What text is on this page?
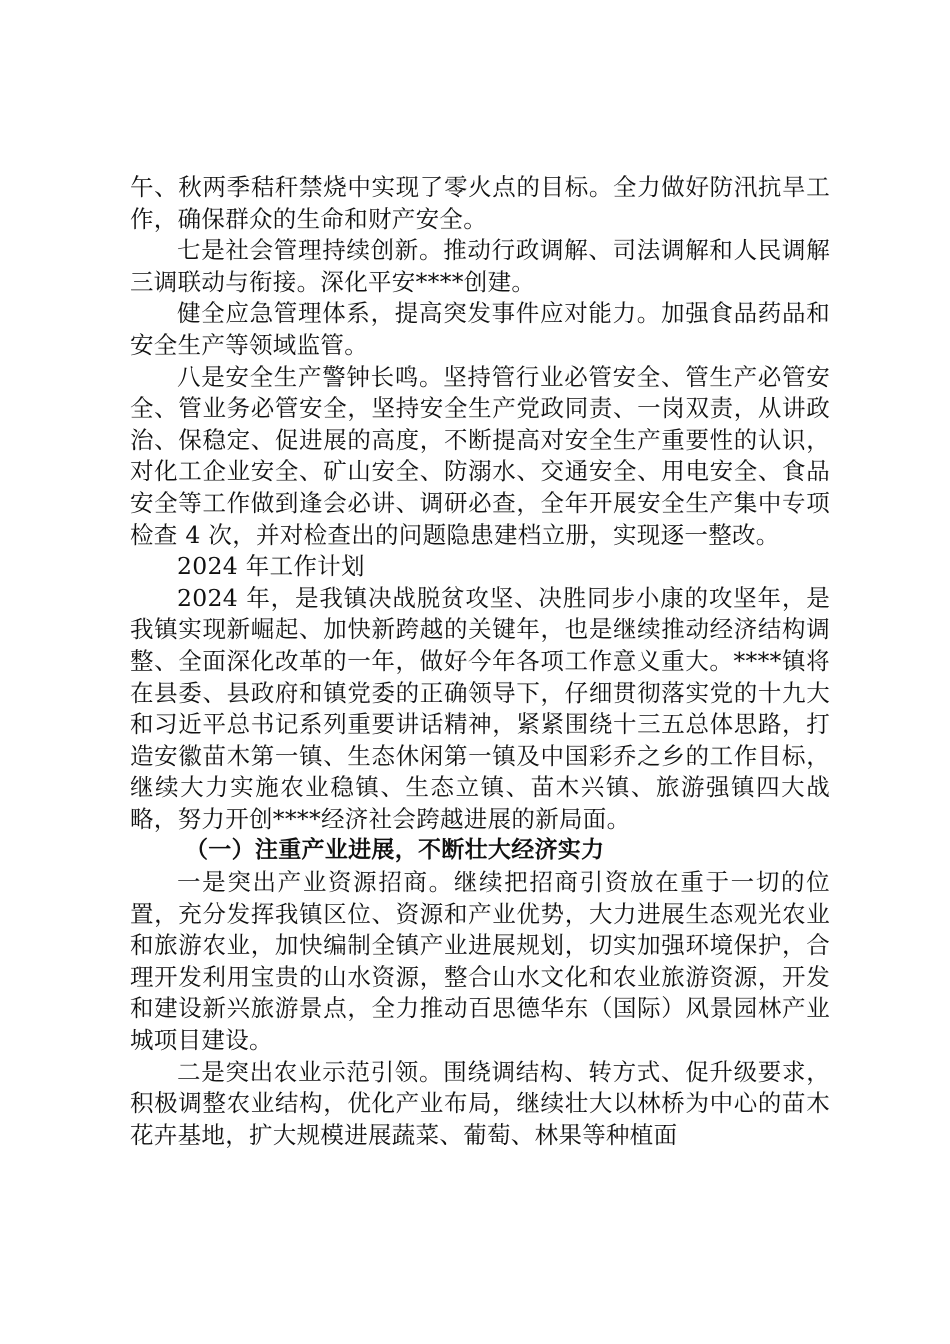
午、秋两季秸秆禁烧中实现了零火点的目标。全力做好防汛抗旱工作，确保群众的生命和财产安全。

七是社会管理持续创新。推动行政调解、司法调解和人民调解三调联动与衔接。深化平安****创建。

健全应急管理体系，提高突发事件应对能力。加强食品药品和安全生产等领域监管。

八是安全生产警钟长鸣。坚持管行业必管安全、管生产必管安全、管业务必管安全，坚持安全生产党政同责、一岗双责，从讲政治、保稳定、促进展的高度，不断提高对安全生产重要性的认识，对化工企业安全、矿山安全、防溺水、交通安全、用电安全、食品安全等工作做到逢会必讲、调研必查，全年开展安全生产集中专项检查 4 次，并对检查出的问题隐患建档立册，实现逐一整改。

2024 年工作计划

2024 年，是我镇决战脱贫攻坚、决胜同步小康的攻坚年，是我镇实现新崛起、加快新跨越的关键年，也是继续推动经济结构调整、全面深化改革的一年，做好今年各项工作意义重大。****镇将在县委、县政府和镇党委的正确领导下，仔细贯彻落实党的十九大和习近平总书记系列重要讲话精神，紧紧围绕十三五总体思路，打造安徽苗木第一镇、生态休闲第一镇及中国彩乔之乡的工作目标，继续大力实施农业稳镇、生态立镇、苗木兴镇、旅游强镇四大战略，努力开创****经济社会跨越进展的新局面。

（一）注重产业进展，不断壮大经济实力

一是突出产业资源招商。继续把招商引资放在重于一切的位置，充分发挥我镇区位、资源和产业优势，大力进展生态观光农业和旅游农业，加快编制全镇产业进展规划，切实加强环境保护，合理开发利用宝贵的山水资源，整合山水文化和农业旅游资源，开发和建设新兴旅游景点，全力推动百思德华东（国际）风景园林产业城项目建设。

二是突出农业示范引领。围绕调结构、转方式、促升级要求，积极调整农业结构，优化产业布局，继续壮大以林桥为中心的苗木花卉基地，扩大规模进展蔬菜、葡萄、林果等种植面
